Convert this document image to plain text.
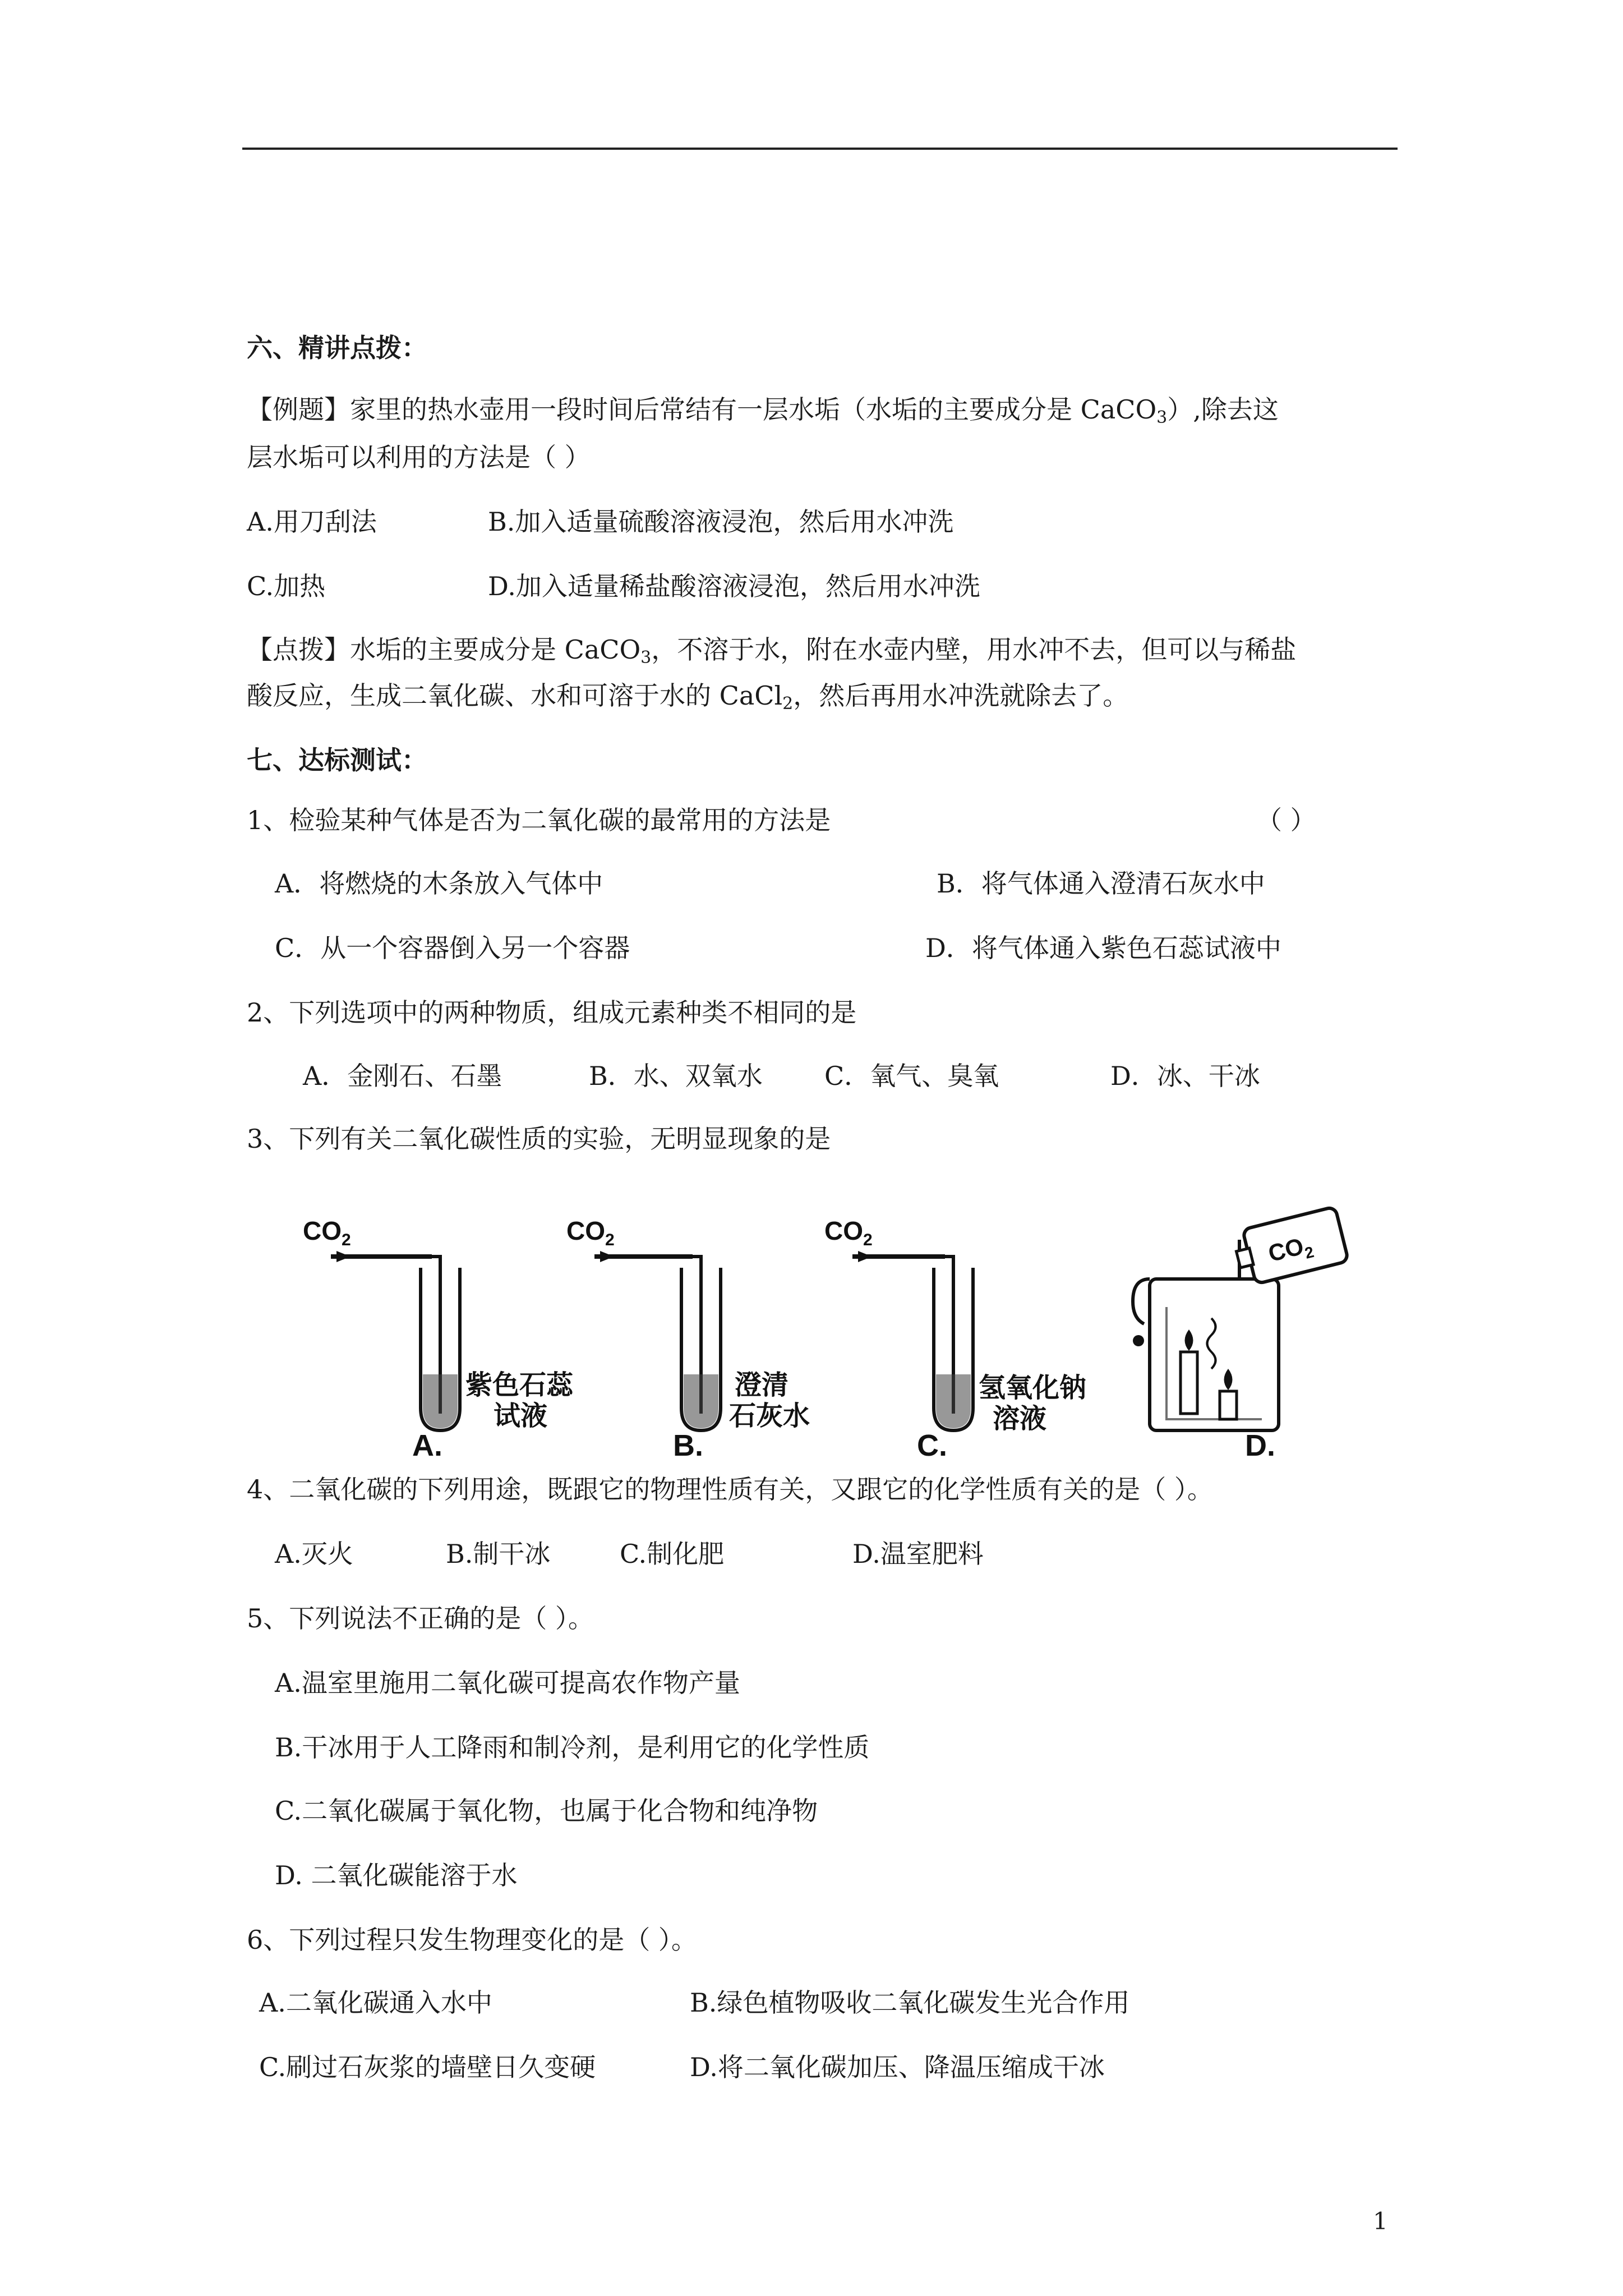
六、精讲点拨：
【例题】家里的热水壶用一段时间后常结有一层水垢（水垢的主要成分是 CaCO$_3$）,除去这
层水垢可以利用的方法是（ ）
A.用刀刮法	B.加入适量硫酸溶液浸泡，然后用水冲洗
C.加热	D.加入适量稀盐酸溶液浸泡，然后用水冲洗
【点拨】水垢的主要成分是 CaCO$_3$，不溶于水，附在水壶内壁，用水冲不去，但可以与稀盐
酸反应，生成二氧化碳、水和可溶于水的 CaCl$_2$，然后再用水冲洗就除去了。
七、达标测试：
1、检验某种气体是否为二氧化碳的最常用的方法是	（ ）
A．将燃烧的木条放入气体中	B．将气体通入澄清石灰水中
C．从一个容器倒入另一个容器	D．将气体通入紫色石蕊试液中
2、下列选项中的两种物质，组成元素种类不相同的是
A．金刚石、石墨	B．水、双氧水 C．氧气、臭氧	D．冰、干冰
3、下列有关二氧化碳性质的实验，无明显现象的是
$CO_2$
紫色石蕊
试液
A.
$CO_2$
澄清
石灰水
B.
$CO_2$
氢氧化钠
溶液
C.
$CO_2$
D.
4、二氧化碳的下列用途，既跟它的物理性质有关，又跟它的化学性质有关的是（ ）。
A.灭火	B.制干冰	C.制化肥	D.温室肥料
5、下列说法不正确的是（ ）。
A.温室里施用二氧化碳可提高农作物产量
B.干冰用于人工降雨和制冷剂，是利用它的化学性质
C.二氧化碳属于氧化物，也属于化合物和纯净物
D. 二氧化碳能溶于水
6、下列过程只发生物理变化的是（ ）。
A.二氧化碳通入水中	B.绿色植物吸收二氧化碳发生光合作用
C.刷过石灰浆的墙壁日久变硬	D.将二氧化碳加压、降温压缩成干冰
1
